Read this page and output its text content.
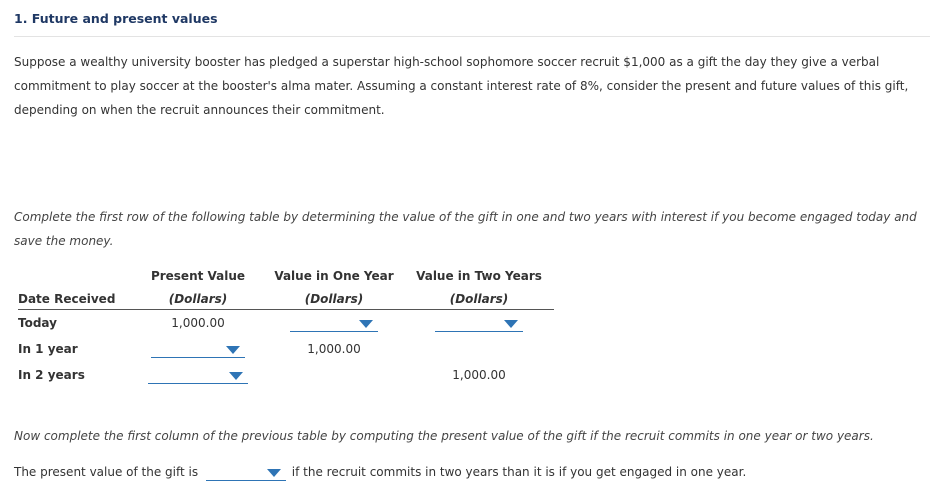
1. Future and present values
Suppose a wealthy university booster has pledged a superstar high-school sophomore soccer recruit $1,000 as a gift the day they give a verbal commitment to play soccer at the booster's alma mater. Assuming a constant interest rate of 8%, consider the present and future values of this gift, depending on when the recruit announces their commitment.
Complete the first row of the following table by determining the value of the gift in one and two years with interest if you become engaged today and save the money.
	Present Value	Value in One Year	Value in Two Years
Date Received	(Dollars)	(Dollars)	(Dollars)
Today	1,000.00	

In 1 year		1,000.00	
In 2 years			1,000.00
Now complete the first column of the previous table by computing the present value of the gift if the recruit commits in one year or two years.
The present value of the gift is	if the recruit commits in two years than it is if you get engaged in one year.
